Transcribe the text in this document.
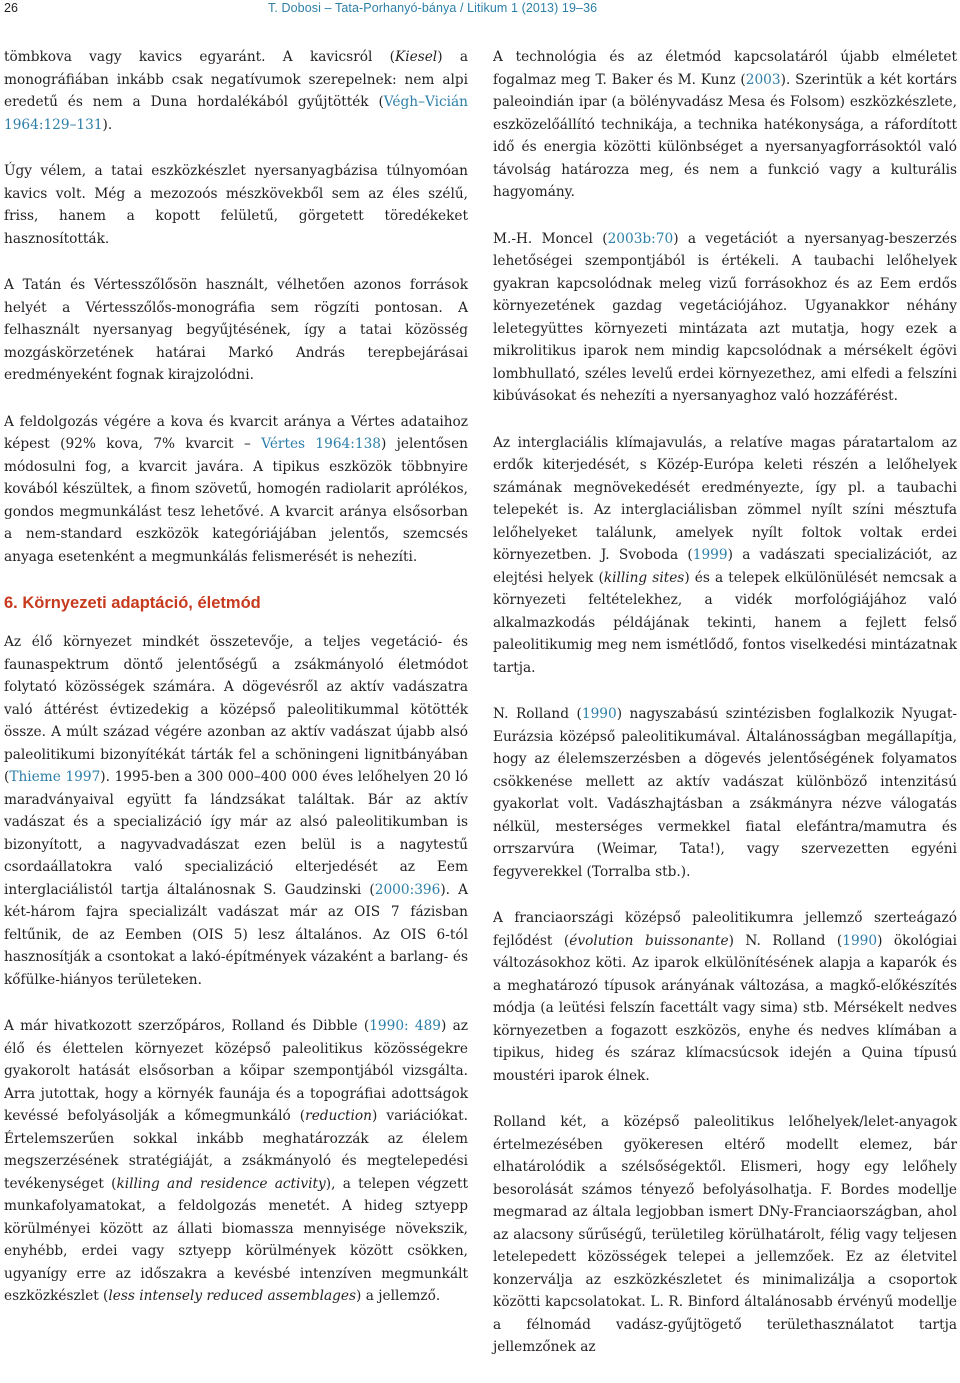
26	T. Dobosi – Tata-Porhanyó-bánya / Litikum 1 (2013) 19–36

tömbkova vagy kavics egyaránt. A kavicsról (Kiesel) a monográfiában inkább csak negatívumok szerepelnek: nem alpi eredetű és nem a Duna hordalékából gyűjtötték (Végh–Vicián 1964:129–131).

Úgy vélem, a tatai eszközkészlet nyersanyagbázisa túlnyomóan kavics volt. Még a mezozoós mészkövekből sem az éles szélű, friss, hanem a kopott felületű, görgetett töredékeket hasznosították.

A Tatán és Vértesszőlősön használt, vélhetően azonos források helyét a Vértesszőlős-monográfia sem rögzíti pontosan. A felhasznált nyersanyag begyűjtésének, így a tatai közösség mozgáskörzetének határai Markó András terepbejárásai eredményeként fognak kirajzolódni.

A feldolgozás végére a kova és kvarcit aránya a Vértes adataihoz képest (92% kova, 7% kvarcit – Vértes 1964:138) jelentősen módosulni fog, a kvarcit javára. A tipikus eszközök többnyire kovából készültek, a finom szövetű, homogén radiolarit aprólékos, gondos megmunkálást tesz lehetővé. A kvarcit aránya elsősorban a nem-standard eszközök kategóriájában jelentős, szemcsés anyaga esetenként a megmunkálás felismerését is nehezíti.

6. Környezeti adaptáció, életmód

Az élő környezet mindkét összetevője, a teljes vegetáció- és faunaspektrum döntő jelentőségű a zsákmányoló életmódot folytató közösségek számára. A dögevésről az aktív vadászatra való áttérést évtizedekig a középső paleolitikummal kötötték össze. A múlt század végére azonban az aktív vadászat újabb alsó paleolitikumi bizonyítékát tárták fel a schöningeni lignitbányában (Thieme 1997). 1995-ben a 300 000–400 000 éves lelőhelyen 20 ló maradványaival együtt fa lándzsákat találtak. Bár az aktív vadászat és a specializáció így már az alsó paleolitikumban is bizonyított, a nagyvadvadászat ezen belül is a nagytestű csordaállatokra való specializáció elterjedését az Eem interglaciálistól tartja általánosnak S. Gaudzinski (2000:396). A két-három fajra specializált vadászat már az OIS 7 fázisban feltűnik, de az Eemben (OIS 5) lesz általános. Az OIS 6-tól hasznosítják a csontokat a lakó-építmények vázaként a barlang- és kőfülke-hiányos területeken.

A már hivatkozott szerzőpáros, Rolland és Dibble (1990: 489) az élő és élettelen környezet középső paleolitikus közösségekre gyakorolt hatását elsősorban a kőipar szempontjából vizsgálta. Arra jutottak, hogy a környék faunája és a topográfiai adottságok kevéssé befolyásolják a kőmegmunkáló (reduction) variációkat. Értelemszerűen sokkal inkább meghatározzák az élelem megszerzésének stratégiáját, a zsákmányoló és megtelepedési tevékenységet (killing and residence activity), a telepen végzett munkafolyamatokat, a feldolgozás menetét. A hideg sztyepp körülményei között az állati biomassza mennyisége növekszik, enyhébb, erdei vagy sztyepp körülmények között csökken, ugyanígy erre az időszakra a kevésbé intenzíven megmunkált eszközkészlet (less intensely reduced assemblages) a jellemző.

A technológia és az életmód kapcsolatáról újabb elméletet fogalmaz meg T. Baker és M. Kunz (2003). Szerintük a két kortárs paleoindián ipar (a bölényvadász Mesa és Folsom) eszközkészlete, eszközelőállító technikája, a technika hatékonysága, a ráfordított idő és energia közötti különbséget a nyersanyagforrásoktól való távolság határozza meg, és nem a funkció vagy a kulturális hagyomány.

M.-H. Moncel (2003b:70) a vegetációt a nyersanyag-beszerzés lehetőségei szempontjából is értékeli. A taubachi lelőhelyek gyakran kapcsolódnak meleg vizű forrásokhoz és az Eem erdős környezetének gazdag vegetációjához. Ugyanakkor néhány leletegyüttes környezeti mintázata azt mutatja, hogy ezek a mikrolitikus iparok nem mindig kapcsolódnak a mérsékelt égövi lombhullató, széles levelű erdei környezethez, ami elfedi a felszíni kibúvásokat és nehezíti a nyersanyaghoz való hozzáférést.

Az interglaciális klímajavulás, a relatíve magas páratartalom az erdők kiterjedését, s Közép-Európa keleti részén a lelőhelyek számának megnövekedését eredményezte, így pl. a taubachi telepekét is. Az interglaciálisban zömmel nyílt színi mésztufa lelőhelyeket találunk, amelyek nyílt foltok voltak erdei környezetben. J. Svoboda (1999) a vadászati specializációt, az elejtési helyek (killing sites) és a telepek elkülönülését nemcsak a környezeti feltételekhez, a vidék morfológiájához való alkalmazkodás példájának tekinti, hanem a fejlett felső paleolitikumig meg nem ismétlődő, fontos viselkedési mintázatnak tartja.

N. Rolland (1990) nagyszabású szintézisben foglalkozik Nyugat-Eurázsia középső paleolitikumával. Általánosságban megállapítja, hogy az élelemszerzésben a dögevés jelentőségének folyamatos csökkenése mellett az aktív vadászat különböző intenzitású gyakorlat volt. Vadászhajtásban a zsákmányra nézve válogatás nélkül, mesterséges vermekkel fiatal elefántra/mamutra és orrszarvúra (Weimar, Tata!), vagy szervezetten egyéni fegyverekkel (Torralba stb.).

A franciaországi középső paleolitikumra jellemző szerteágazó fejlődést (évolution buissonante) N. Rolland (1990) ökológiai változásokhoz köti. Az iparok elkülönítésének alapja a kaparók és a meghatározó típusok arányának változása, a magkő-előkészítés módja (a leütési felszín facettált vagy sima) stb. Mérsékelt nedves környezetben a fogazott eszközös, enyhe és nedves klímában a tipikus, hideg és száraz klímacsúcsok idején a Quina típusú moustéri iparok élnek.

Rolland két, a középső paleolitikus lelőhelyek/lelet-anyagok értelmezésében gyökeresen eltérő modellt elemez, bár elhatárolódik a szélsőségektől. Elismeri, hogy egy lelőhely besorolását számos tényező befolyásolhatja. F. Bordes modellje megmarad az általa legjobban ismert DNy-Franciaországban, ahol az alacsony sűrűségű, területileg körülhatárolt, félig vagy teljesen letelepedett közösségek telepei a jellemzőek. Ez az életvitel konzerválja az eszközkészletet és minimalizálja a csoportok közötti kapcsolatokat. L. R. Binford általánosabb érvényű modellje a félnomád vadász-gyűjtögető területhasználatot tartja jellemzőnek az
